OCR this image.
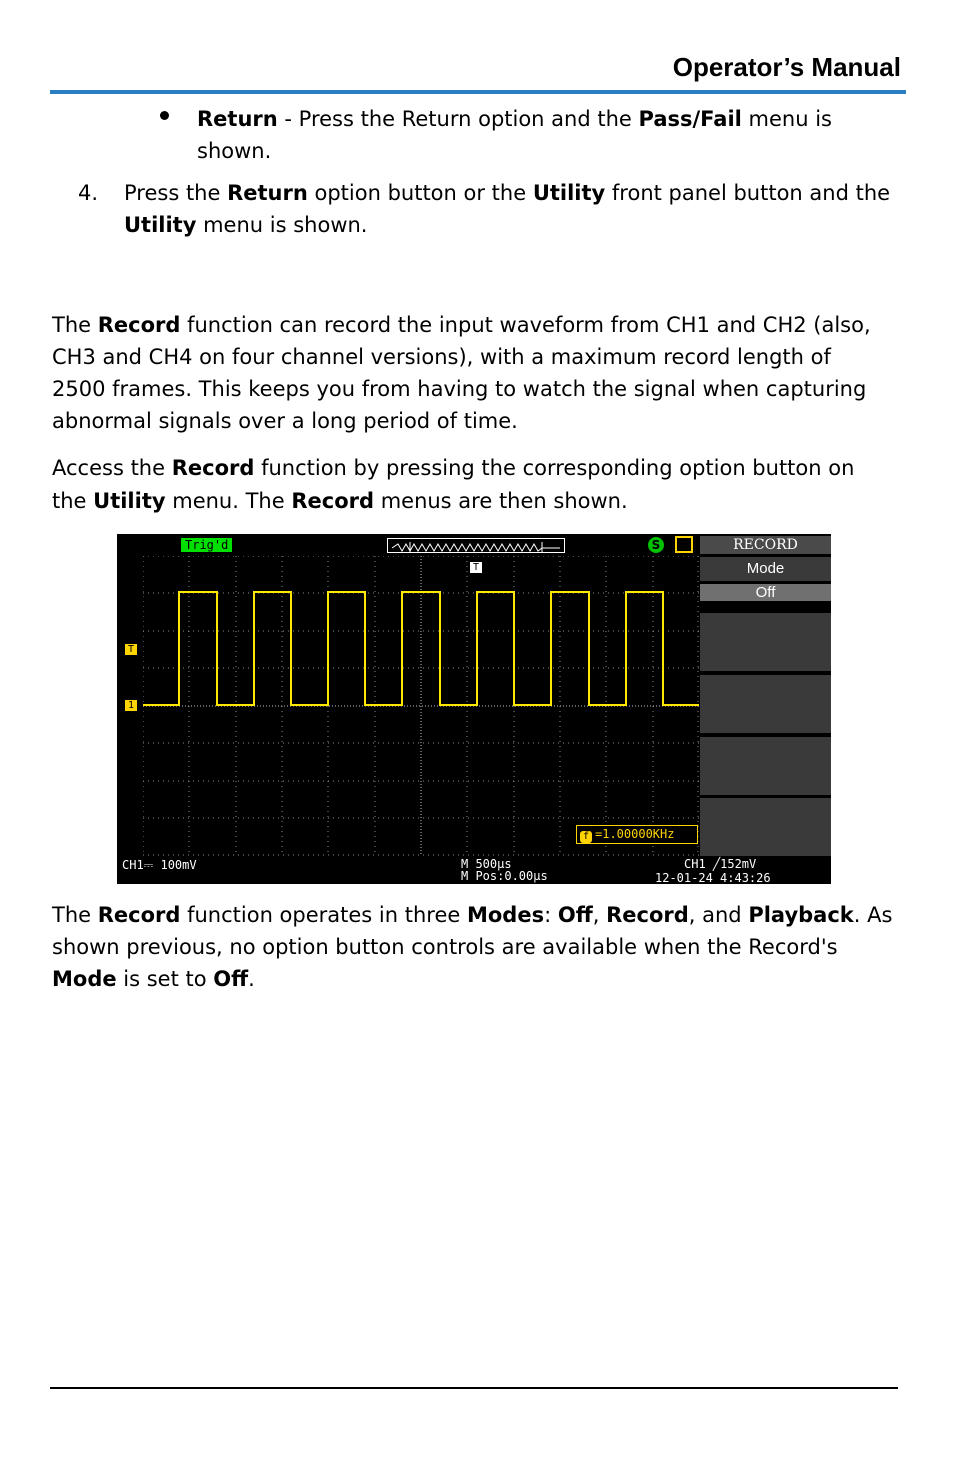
Operator’s Manual
Return - Press the Return option and the Pass/Fail menu is
shown.
4. Press the Return option button or the Utility front panel button and the
Utility menu is shown.
The Record function can record the input waveform from CH1 and CH2 (also,
CH3 and CH4 on four channel versions), with a maximum record length of
2500 frames. This keeps you from having to watch the signal when capturing
abnormal signals over a long period of time.
Access the Record function by pressing the corresponding option button on
the Utility menu. The Record menus are then shown.
Trig'd	S
T
1
T
f =1.00000KHz
RECORD
Mode
Off
CH1⎓ 100mV	M 500μs
M Pos:0.00μs
CH1 ╱152mV
12-01-24 4:43:26
The Record function operates in three Modes: Off, Record, and Playback. As
shown previous, no option button controls are available when the Record's
Mode is set to Off.
